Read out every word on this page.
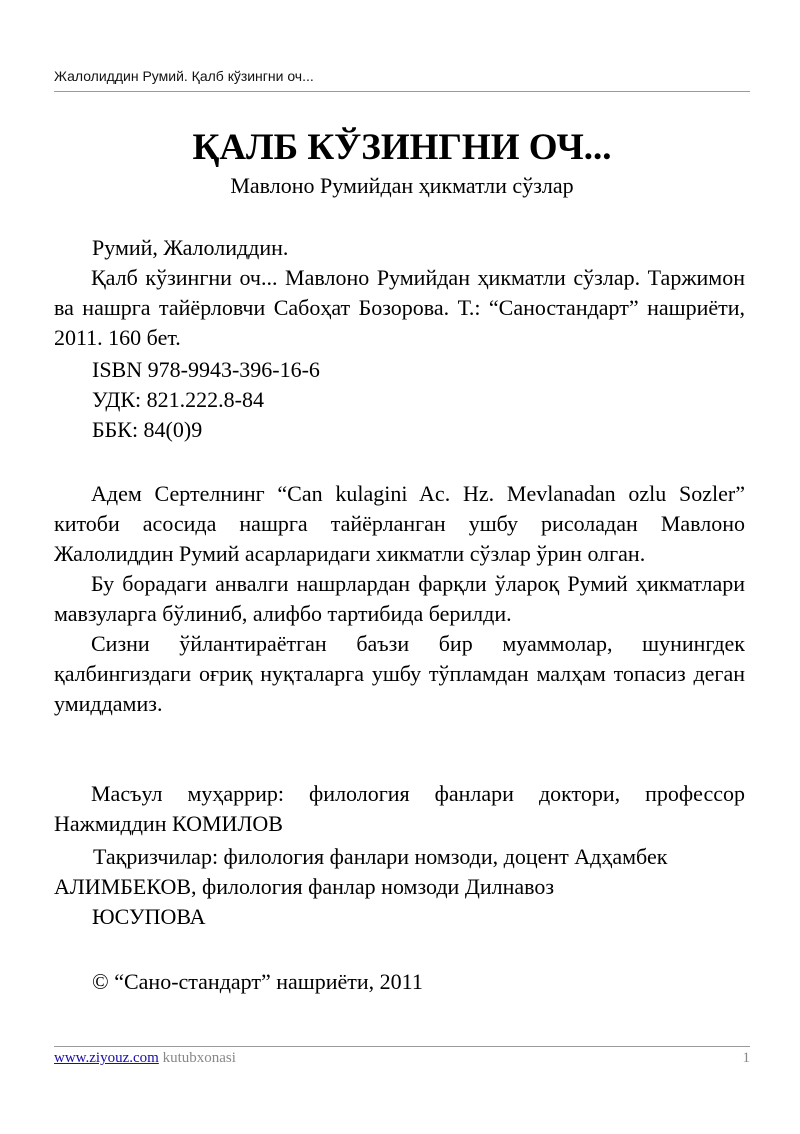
Жалолиддин Румий. Қалб кўзингни оч...
ҚАЛБ КЎЗИНГНИ ОЧ...
Мавлоно Румийдан ҳикматли сўзлар

Румий, Жалолиддин.

Қалб кўзингни оч... Мавлоно Румийдан ҳикматли сўзлар. Таржимон ва нашрга тайёрловчи Сабоҳат Бозорова. Т.: “Саностандарт” нашриёти, 2011. 160 бет.

ISBN 978-9943-396-16-6

УДК: 821.222.8-84

ББК: 84(0)9

Адем Сертелнинг “Can kulagini Ac. Hz. Mevlanadan ozlu Sozler” китоби асосида нашрга тайёрланган ушбу рисоладан Мавлоно Жалолиддин Румий асарларидаги хикматли сўзлар ўрин олган.

Бу борадаги анвалги нашрлардан фарқли ўлароқ Румий ҳикматлари мавзуларга бўлиниб, алифбо тартибида берилди.

Сизни ўйлантираётган баъзи бир муаммолар, шунингдек қалбингиздаги оғриқ нуқталарга ушбу тўпламдан малҳам топасиз деган умиддамиз.

Масъул муҳаррир: филология фанлари доктори, профессор Нажмиддин КОМИЛОВ

Тақризчилар: филология фанлари номзоди, доцент Адҳамбек

АЛИМБЕКОВ, филология фанлар номзоди Дилнавоз

ЮСУПОВА

© “Сано-стандарт” нашриёти, 2011

www.ziyouz.com kutubxonasi	1
